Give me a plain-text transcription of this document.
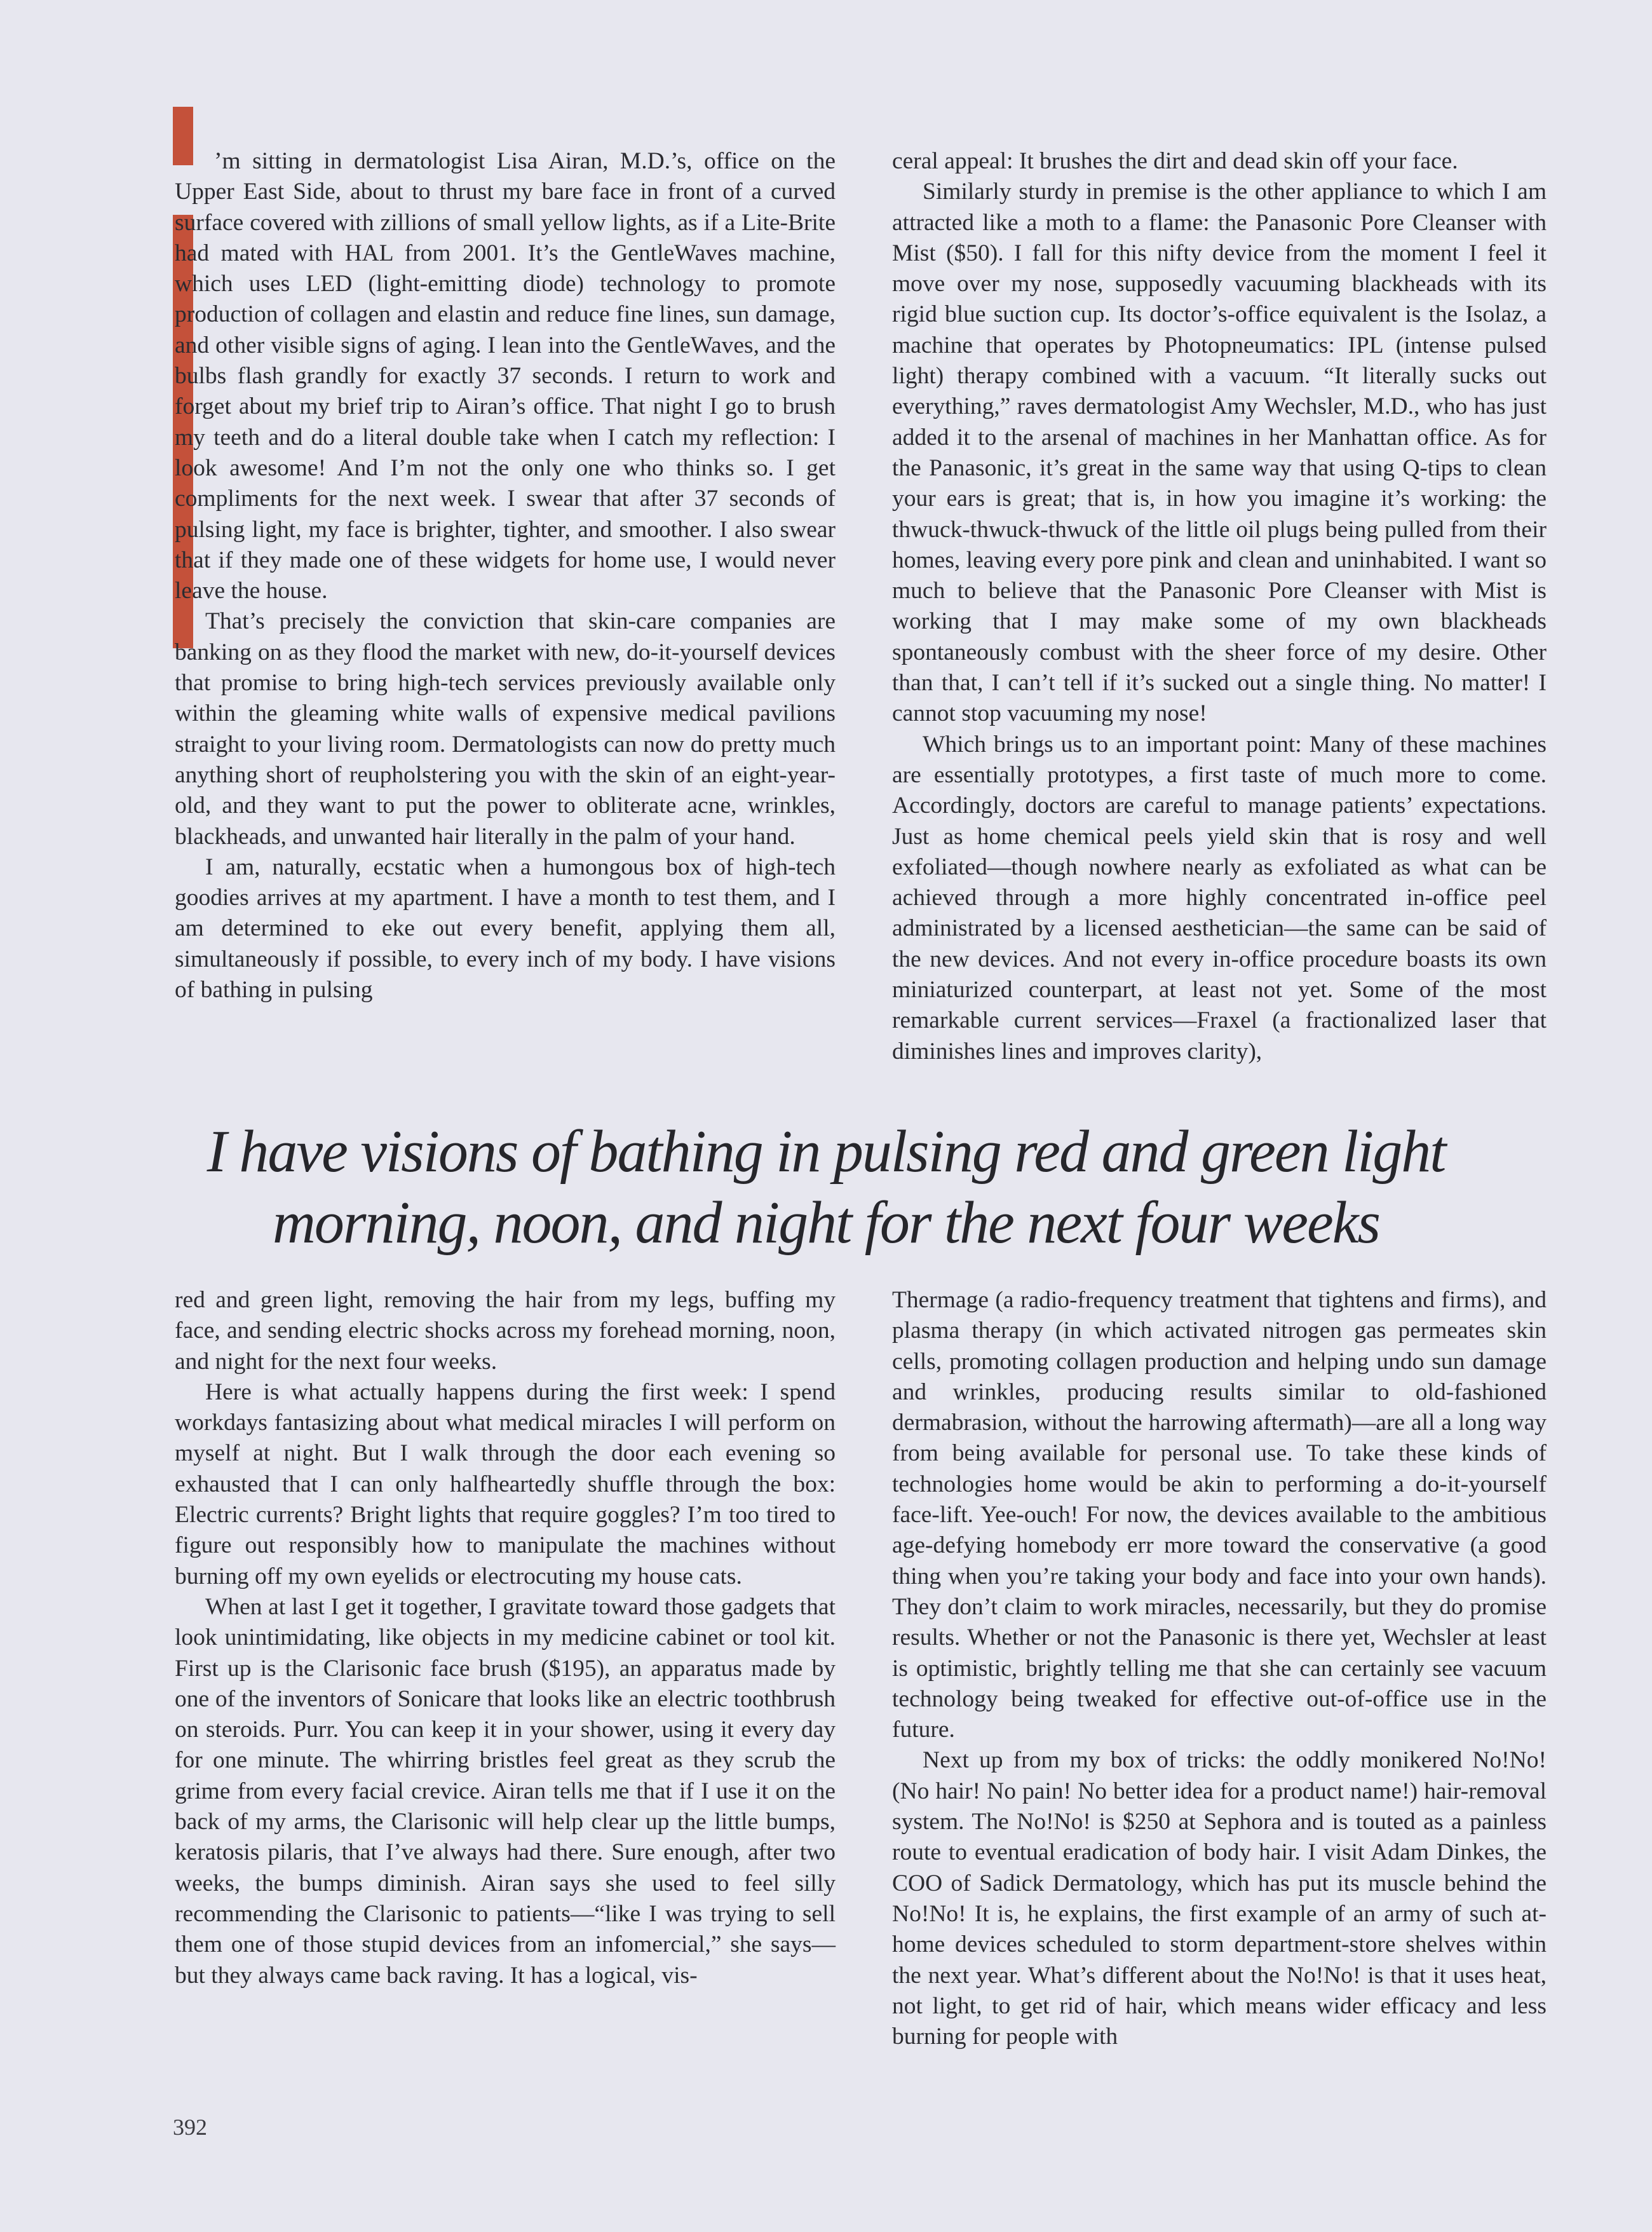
’m sitting in dermatologist Lisa Airan, M.D.’s, office on the Upper East Side, about to thrust my bare face in front of a curved surface covered with zillions of small yellow lights, as if a Lite-Brite had mated with HAL from 2001. It’s the GentleWaves machine, which uses LED (light-emitting diode) technology to promote production of collagen and elastin and reduce fine lines, sun damage, and other visible signs of aging. I lean into the GentleWaves, and the bulbs flash grandly for exactly 37 seconds. I return to work and forget about my brief trip to Airan’s office. That night I go to brush my teeth and do a literal double take when I catch my reflection: I look awesome! And I’m not the only one who thinks so. I get compliments for the next week. I swear that after 37 seconds of pulsing light, my face is brighter, tighter, and smoother. I also swear that if they made one of these widgets for home use, I would never leave the house.

That’s precisely the conviction that skin-care companies are banking on as they flood the market with new, do-it-yourself devices that promise to bring high-tech services previously available only within the gleaming white walls of expensive medical pavilions straight to your living room. Dermatologists can now do pretty much anything short of reupholstering you with the skin of an eight-year-old, and they want to put the power to obliterate acne, wrinkles, blackheads, and unwanted hair literally in the palm of your hand.

I am, naturally, ecstatic when a humongous box of high-tech goodies arrives at my apartment. I have a month to test them, and I am determined to eke out every benefit, applying them all, simultaneously if possible, to every inch of my body. I have visions of bathing in pulsing

ceral appeal: It brushes the dirt and dead skin off your face.

Similarly sturdy in premise is the other appliance to which I am attracted like a moth to a flame: the Panasonic Pore Cleanser with Mist ($50). I fall for this nifty device from the moment I feel it move over my nose, supposedly vacuuming blackheads with its rigid blue suction cup. Its doctor’s-office equivalent is the Isolaz, a machine that operates by Photopneumatics: IPL (intense pulsed light) therapy combined with a vacuum. “It literally sucks out everything,” raves dermatologist Amy Wechsler, M.D., who has just added it to the arsenal of machines in her Manhattan office. As for the Panasonic, it’s great in the same way that using Q-tips to clean your ears is great; that is, in how you imagine it’s working: the thwuck-thwuck-thwuck of the little oil plugs being pulled from their homes, leaving every pore pink and clean and uninhabited. I want so much to believe that the Panasonic Pore Cleanser with Mist is working that I may make some of my own blackheads spontaneously combust with the sheer force of my desire. Other than that, I can’t tell if it’s sucked out a single thing. No matter! I cannot stop vacuuming my nose!

Which brings us to an important point: Many of these machines are essentially prototypes, a first taste of much more to come. Accordingly, doctors are careful to manage patients’ expectations. Just as home chemical peels yield skin that is rosy and well exfoliated—though nowhere nearly as exfoliated as what can be achieved through a more highly concentrated in-office peel administrated by a licensed aesthetician—the same can be said of the new devices. And not every in-office procedure boasts its own miniaturized counterpart, at least not yet. Some of the most remarkable current services—Fraxel (a fractionalized laser that diminishes lines and improves clarity),

I have visions of bathing in pulsing red and green light
morning, noon, and night for the next four weeks

red and green light, removing the hair from my legs, buffing my face, and sending electric shocks across my forehead morning, noon, and night for the next four weeks.

Here is what actually happens during the first week: I spend workdays fantasizing about what medical miracles I will perform on myself at night. But I walk through the door each evening so exhausted that I can only halfheartedly shuffle through the box: Electric currents? Bright lights that require goggles? I’m too tired to figure out responsibly how to manipulate the machines without burning off my own eyelids or electrocuting my house cats.

When at last I get it together, I gravitate toward those gadgets that look unintimidating, like objects in my medicine cabinet or tool kit. First up is the Clarisonic face brush ($195), an apparatus made by one of the inventors of Sonicare that looks like an electric toothbrush on steroids. Purr. You can keep it in your shower, using it every day for one minute. The whirring bristles feel great as they scrub the grime from every facial crevice. Airan tells me that if I use it on the back of my arms, the Clarisonic will help clear up the little bumps, keratosis pilaris, that I’ve always had there. Sure enough, after two weeks, the bumps diminish. Airan says she used to feel silly recommending the Clarisonic to patients—“like I was trying to sell them one of those stupid devices from an infomercial,” she says—but they always came back raving. It has a logical, vis-

Thermage (a radio-frequency treatment that tightens and firms), and plasma therapy (in which activated nitrogen gas permeates skin cells, promoting collagen production and helping undo sun damage and wrinkles, producing results similar to old-fashioned dermabrasion, without the harrowing aftermath)—are all a long way from being available for personal use. To take these kinds of technologies home would be akin to performing a do-it-yourself face-lift. Yee-ouch! For now, the devices available to the ambitious age-defying homebody err more toward the conservative (a good thing when you’re taking your body and face into your own hands). They don’t claim to work miracles, necessarily, but they do promise results. Whether or not the Panasonic is there yet, Wechsler at least is optimistic, brightly telling me that she can certainly see vacuum technology being tweaked for effective out-of-office use in the future.

Next up from my box of tricks: the oddly monikered No!No! (No hair! No pain! No better idea for a product name!) hair-removal system. The No!No! is $250 at Sephora and is touted as a painless route to eventual eradication of body hair. I visit Adam Dinkes, the COO of Sadick Dermatology, which has put its muscle behind the No!No! It is, he explains, the first example of an army of such at-home devices scheduled to storm department-store shelves within the next year. What’s different about the No!No! is that it uses heat, not light, to get rid of hair, which means wider efficacy and less burning for people with

392
